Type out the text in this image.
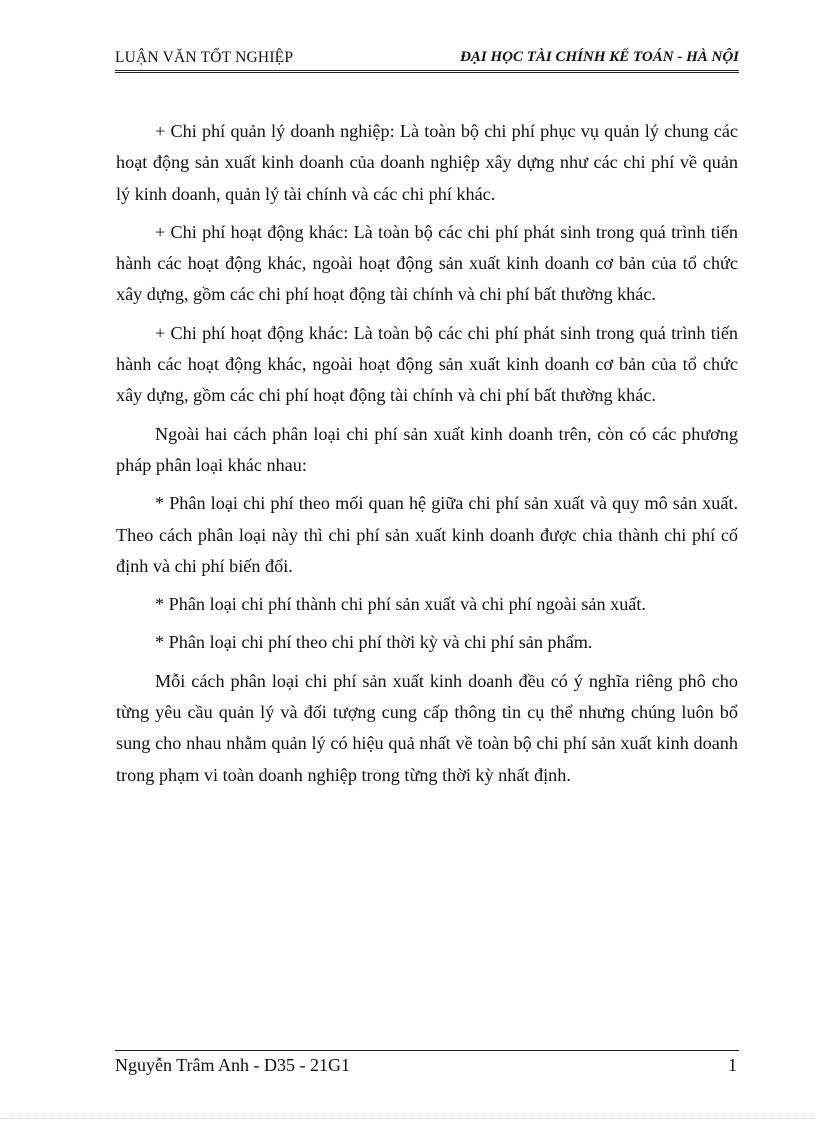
LUẬN VĂN TỐT NGHIỆP	ĐẠI HỌC TÀI CHÍNH KẾ TOÁN - HÀ NỘI

+ Chi phí quản lý doanh nghiệp: Là toàn bộ chi phí phục vụ quản lý chung các hoạt động sản xuất kinh doanh của doanh nghiệp xây dựng như các chi phí về quản lý kinh doanh, quản lý tài chính và các chi phí khác.

+ Chi phí hoạt động khác: Là toàn bộ các chi phí phát sinh trong quá trình tiến hành các hoạt động khác, ngoài hoạt động sản xuất kinh doanh cơ bản của tổ chức xây dựng, gồm các chi phí hoạt động tài chính và chi phí bất thường khác.

+ Chi phí hoạt động khác: Là toàn bộ các chi phí phát sinh trong quá trình tiến hành các hoạt động khác, ngoài hoạt động sản xuất kinh doanh cơ bản của tổ chức xây dựng, gồm các chi phí hoạt động tài chính và chi phí bất thường khác.

Ngoài hai cách phân loại chi phí sản xuất kinh doanh trên, còn có các phương pháp phân loại khác nhau:

* Phân loại chi phí theo mối quan hệ giữa chi phí sản xuất và quy mô sản xuất. Theo cách phân loại này thì chi phí sản xuất kinh doanh được chia thành chi phí cố định và chi phí biến đổi.

* Phân loại chi phí thành chi phí sản xuất và chi phí ngoài sản xuất.

* Phân loại chi phí theo chi phí thời kỳ và chi phí sản phẩm.

Mỗi cách phân loại chi phí sản xuất kinh doanh đều có ý nghĩa riêng phô cho từng yêu cầu quản lý và đối tượng cung cấp thông tin cụ thể nhưng chúng luôn bổ sung cho nhau nhằm quản lý có hiệu quả nhất về toàn bộ chi phí sản xuất kinh doanh trong phạm vi toàn doanh nghiệp trong từng thời kỳ nhất định.

Nguyễn Trâm Anh - D35 - 21G1	1
